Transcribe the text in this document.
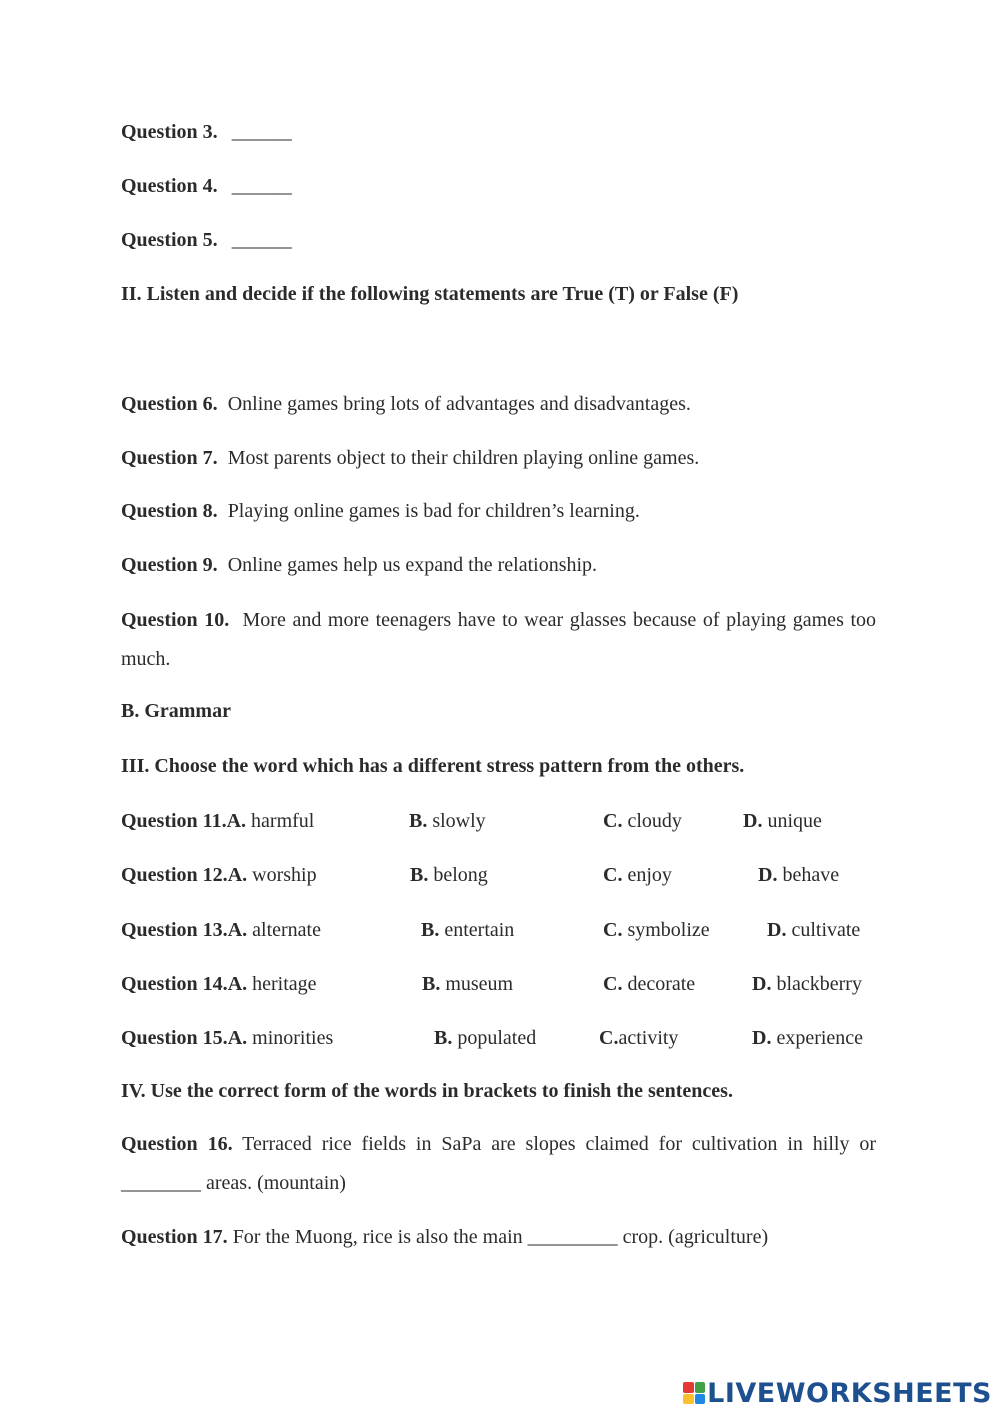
Question 3. ______
Question 4. ______
Question 5. ______
II. Listen and decide if the following statements are True (T) or False (F)
Question 6. Online games bring lots of advantages and disadvantages.
Question 7. Most parents object to their children playing online games.
Question 8. Playing online games is bad for children’s learning.
Question 9. Online games help us expand the relationship.
Question 10. More and more teenagers have to wear glasses because of playing games too much.
B. Grammar
III. Choose the word which has a different stress pattern from the others.
Question 11.A. harmful	B. slowly	C. cloudy	D. unique
Question 12.A. worship	B. belong	C. enjoy	D. behave
Question 13.A. alternate	B. entertain	C. symbolize	D. cultivate
Question 14.A. heritage	B. museum	C. decorate	D. blackberry
Question 15.A. minorities	B. populated	C.activity	D. experience
IV. Use the correct form of the words in brackets to finish the sentences.
Question 16. Terraced rice fields in SaPa are slopes claimed for cultivation in hilly or ________ areas. (mountain)
Question 17. For the Muong, rice is also the main _________ crop. (agriculture)
LIVEWORKSHEETS
